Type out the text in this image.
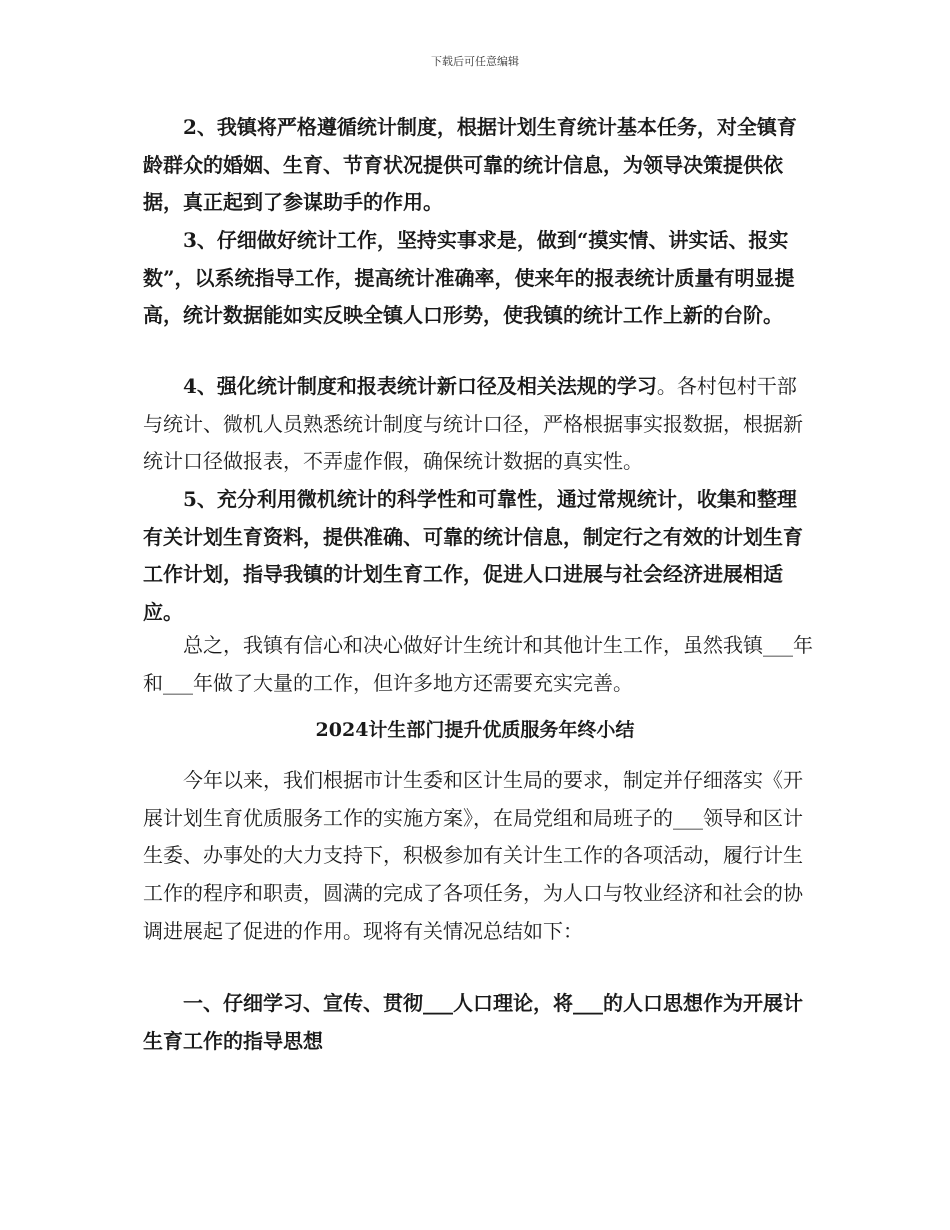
下载后可任意编辑
2、我镇将严格遵循统计制度，根据计划生育统计基本任务，对全镇育龄群众的婚姻、生育、节育状况提供可靠的统计信息，为领导决策提供依据，真正起到了参谋助手的作用。
3、仔细做好统计工作，坚持实事求是，做到“摸实情、讲实话、报实数”，以系统指导工作，提高统计准确率，使来年的报表统计质量有明显提高，统计数据能如实反映全镇人口形势，使我镇的统计工作上新的台阶。
4、强化统计制度和报表统计新口径及相关法规的学习。各村包村干部与统计、微机人员熟悉统计制度与统计口径，严格根据事实报数据，根据新统计口径做报表，不弄虚作假，确保统计数据的真实性。
5、充分利用微机统计的科学性和可靠性，通过常规统计，收集和整理有关计划生育资料，提供准确、可靠的统计信息，制定行之有效的计划生育工作计划，指导我镇的计划生育工作，促进人口进展与社会经济进展相适应。
总之，我镇有信心和决心做好计生统计和其他计生工作，虽然我镇___年和___年做了大量的工作，但许多地方还需要充实完善。
2024计生部门提升优质服务年终小结
今年以来，我们根据市计生委和区计生局的要求，制定并仔细落实《开展计划生育优质服务工作的实施方案》，在局党组和局班子的___领导和区计生委、办事处的大力支持下，积极参加有关计生工作的各项活动，履行计生工作的程序和职责，圆满的完成了各项任务，为人口与牧业经济和社会的协调进展起了促进的作用。现将有关情况总结如下：
一、仔细学习、宣传、贯彻___人口理论，将___的人口思想作为开展计生育工作的指导思想
